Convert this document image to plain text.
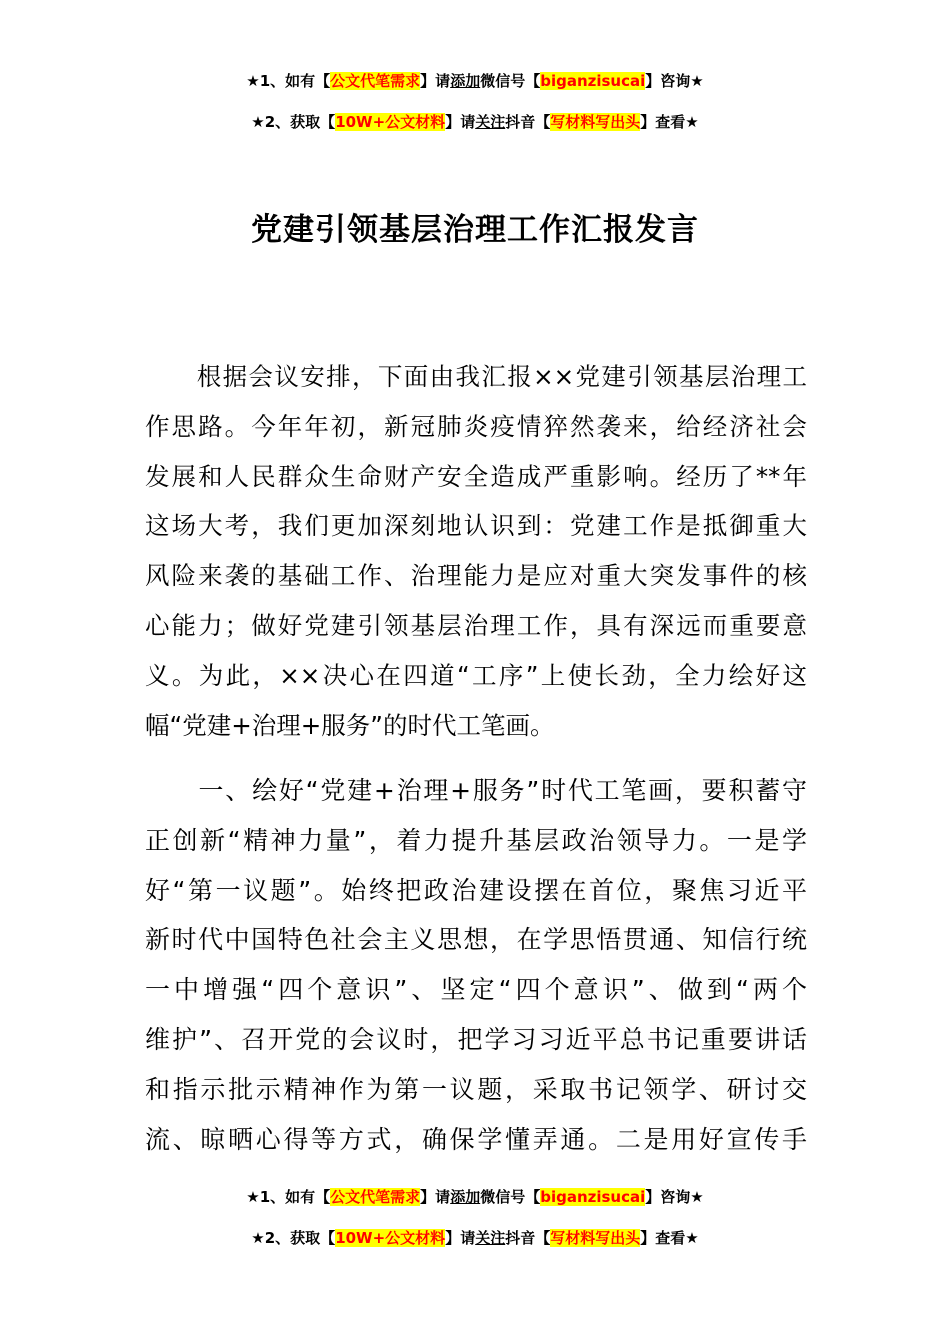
★1、如有【公文代笔需求】请添加微信号【biganzisucai】咨询★
★2、获取【10W+公文材料】请关注抖音【写材料写出头】查看★
党建引领基层治理工作汇报发言
　　根据会议安排，下面由我汇报××党建引领基层治理工
作思路。今年年初，新冠肺炎疫情猝然袭来，给经济社会
发展和人民群众生命财产安全造成严重影响。经历了**年
这场大考，我们更加深刻地认识到：党建工作是抵御重大
风险来袭的基础工作、治理能力是应对重大突发事件的核
心能力；做好党建引领基层治理工作，具有深远而重要意
义。为此，××决心在四道“工序”上使长劲，全力绘好这
幅“党建+治理+服务”的时代工笔画。
　　一、绘好“党建+治理+服务”时代工笔画，要积蓄守
正创新“精神力量”，着力提升基层政治领导力。一是学
好“第一议题”。始终把政治建设摆在首位，聚焦习近平
新时代中国特色社会主义思想，在学思悟贯通、知信行统
一中增强“四个意识”、坚定“四个意识”、做到“两个
维护”、召开党的会议时，把学习习近平总书记重要讲话
和指示批示精神作为第一议题，采取书记领学、研讨交
流、晾晒心得等方式，确保学懂弄通。二是用好宣传手
★1、如有【公文代笔需求】请添加微信号【biganzisucai】咨询★
★2、获取【10W+公文材料】请关注抖音【写材料写出头】查看★
